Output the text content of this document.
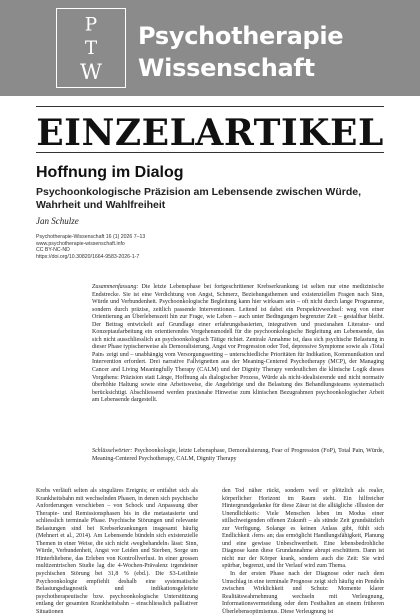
P
T
W
Psychotherapie
Wissenschaft
EINZELARTIKEL
Hoffnung im Dialog
Psychoonkologische Präzision am Lebensende zwischen Würde, Wahrheit und Wahlfreiheit
Jan Schulze
Psychotherapie-Wissenschaft 16 (1) 2026 7–13
www.psychotherapie-wissenschaft.info
CC BY-NC-ND
https://doi.org/10.30820/1664-9583-2026-1-7
Zusammenfassung: Die letzte Lebensphase bei fortgeschrittener Krebserkrankung ist selten nur eine medizinische Endstrecke. Sie ist eine Verdichtung von Angst, Schmerz, Beziehungsthemen und existenziellen Fragen nach Sinn, Würde und Verbundenheit. Psychoonkologische Begleitung kann hier wirksam sein – oft nicht durch lange Programme, sondern durch präzise, zeitlich passende Interventionen. Leitend ist dabei ein Perspektivwechsel: weg von einer Orientierung an Überlebenszeit hin zur Frage, wie Leben – auch unter Bedingungen begrenzter Zeit – gestaltbar bleibt. Der Beitrag entwickelt auf Grundlage einer erfahrungsbasierten, integrativen und praxisnahen Literatur- und Konzeptaufarbeitung ein orientierendes Vorgehensmodell für die psychoonkologische Begleitung am Lebensende, das sich nicht ausschliesslich an psychoonkologisch Tätige richtet. Zentrale Annahme ist, dass sich psychische Belastung in dieser Phase typischerweise als Demoralisierung, Angst vor Progression oder Tod, depressive Symptome sowie als ›Total Pain‹ zeigt und – unabhängig vom Versorgungssetting – unterschiedliche Prioritäten für Indikation, Kommunikation und Intervention erfordert. Drei narrative Fallvignetten aus der Meaning-Centered Psychotherapy (MCP), der Managing Cancer and Living Meaningfully Therapy (CALM) und der Dignity Therapy verdeutlichen die klinische Logik dieses Vorgehens: Präzision statt Länge, Hoffnung als dialogischer Prozess, Würde als nicht-idealisierende und nicht normativ überhöhte Haltung sowie eine Arbeitsweise, die Angehörige und die Belastung des Behandlungsteams systematisch berücksichtigt. Abschliessend werden praxisnahe Hinweise zum klinischen Bezugrahmen psychoonkologischer Arbeit am Lebensende dargestellt.
Schlüsselwörter: Psychoonkologie, letzte Lebensphase, Demoralisierung, Fear of Progression (FoP), Total Pain, Würde, Meaning-Centered Psychotherapy, CALM, Dignity Therapy

Krebs verläuft selten als singuläres Ereignis; er entfaltet sich als Krankheitsbahn mit wechselnden Phasen, in denen sich psychische Anforderungen verschieben – von Schock und Anpassung über Therapie- und Remissionsphasen bis in die metastasierte und schliesslich terminale Phase. Psychische Störungen und relevante Belastungen sind bei Krebserkrankungen insgesamt häufig (Mehnert et al., 2014). Am Lebensende bündeln sich existenzielle Themen in einer Weise, die sich nicht ›wegbehandeln‹ lässt: Sinn, Würde, Verbundenheit, Angst vor Leiden und Sterben, Sorge um Hinterbliebene, das Erleben von Kontrollverlust. In einer grossen multizentrischen Studie lag die 4-Wochen-Prävalenz irgendeiner psychischen Störung bei 31,8 % (ebd.). Die S3-Leitlinie Psychoonkologie empfiehlt deshalb eine systematische Belastungsdiagnostik und indikationsgeleitete psychotherapeutische bzw. psychoonkologische Unterstützung entlang der gesamten Krankheitsbahn – einschliesslich palliativer Situationen

den Tod näher rückt, sondern weil er plötzlich als realer, körperlicher Horizont im Raum steht. Ein hilfreicher Hintergrundgedanke für diese Zäsur ist die alltägliche ›Illusion der Unendlichkeit‹: Viele Menschen leben im Modus einer stillschweigenden offenen Zukunft – als stünde Zeit grundsätzlich zur Verfügung. Solange es keinen Anlass gibt, fühlt sich Endlichkeit ›fern‹ an; das ermöglicht Handlungsfähigkeit, Planung und eine gewisse Unbeschwertheit. Eine lebensbedrohliche Diagnose kann diese Grundannahme abrupt erschüttern. Dann ist nicht nur der Körper krank, sondern auch die Zeit: Sie wird spürbar, begrenzt, und ihr Verlauf wird zum Thema.

In der ersten Phase nach der Diagnose oder nach dem Umschlag in eine terminale Prognose zeigt sich häufig ein Pendeln zwischen Wirklichkeit und Schutz: Momente klarer Realitätswahrnehmung wechseln mit Verleugnung, Informationsvermeidung oder dem Festhalten an einem früheren Überlebensoptimismus. Diese Verleugnung ist
